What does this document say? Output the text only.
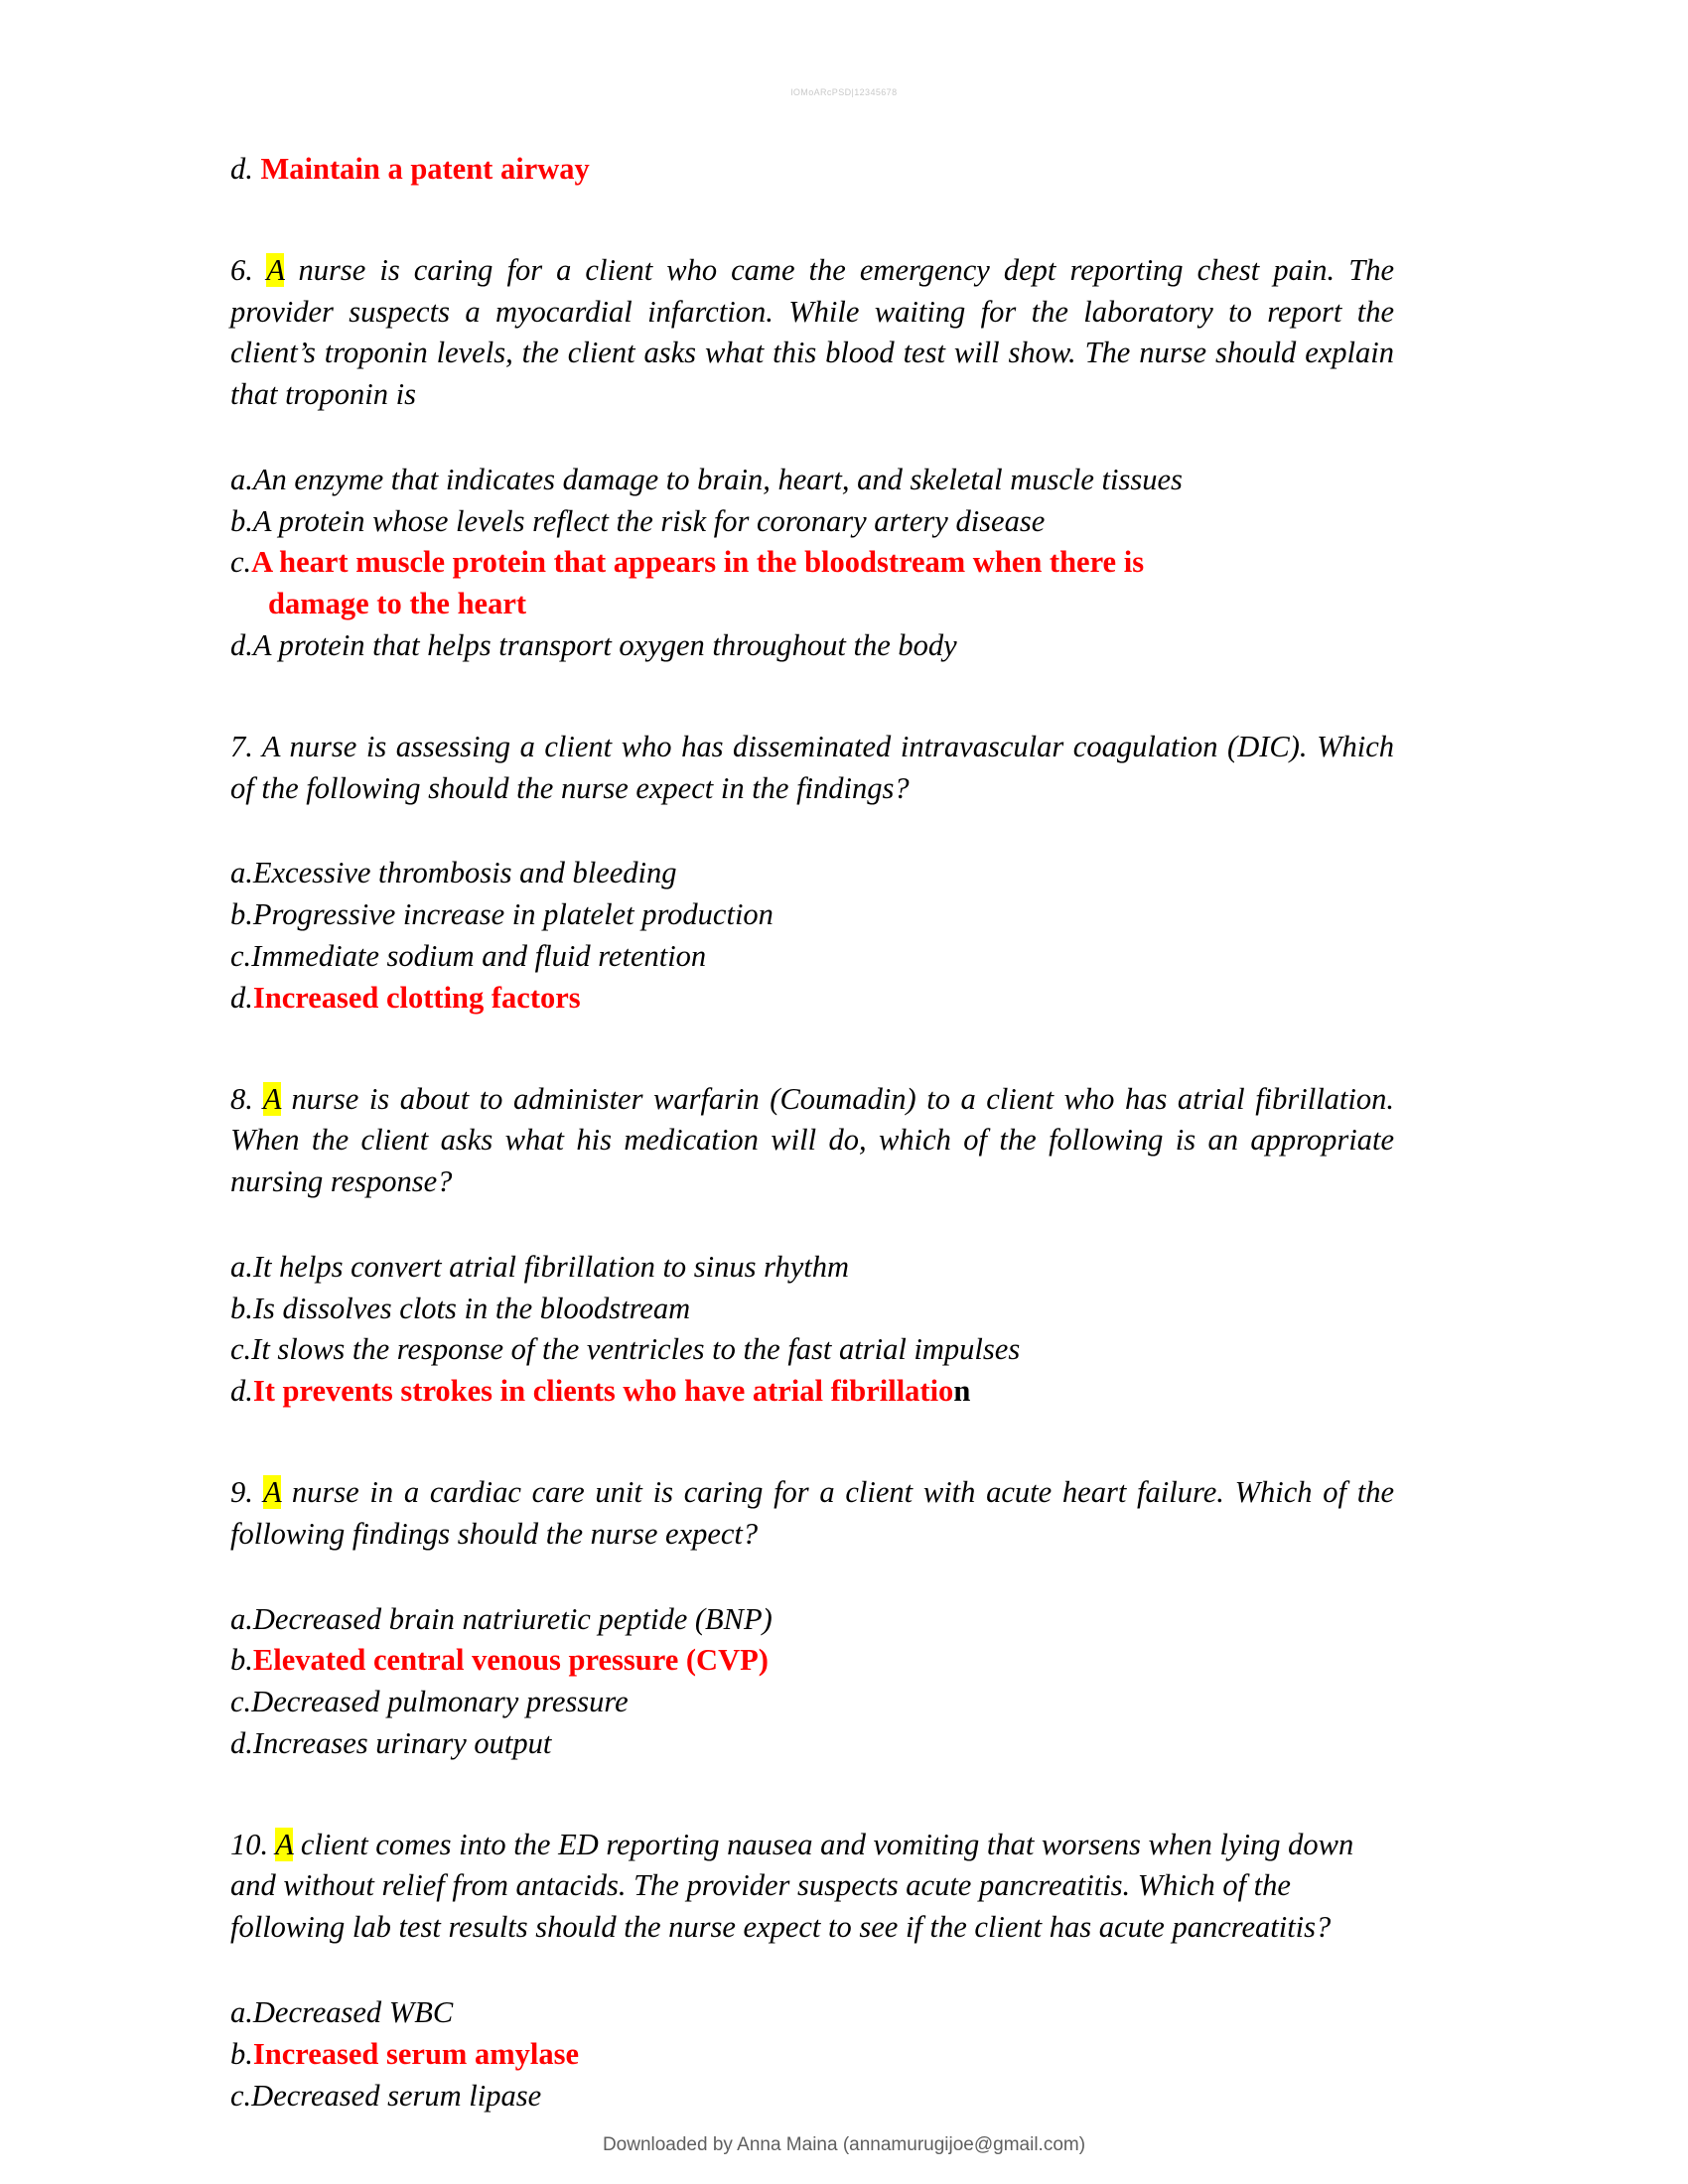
lOMoARcPSD|12345678
d. Maintain a patent airway

6. A nurse is caring for a client who came the emergency dept reporting chest pain. The provider suspects a myocardial infarction. While waiting for the laboratory to report the client’s troponin levels, the client asks what this blood test will show. The nurse should explain that troponin is

a.An enzyme that indicates damage to brain, heart, and skeletal muscle tissues
b.A protein whose levels reflect the risk for coronary artery disease
c.A heart muscle protein that appears in the bloodstream when there is
damage to the heart
d.A protein that helps transport oxygen throughout the body

7. A nurse is assessing a client who has disseminated intravascular coagulation (DIC). Which of the following should the nurse expect in the findings?

a.Excessive thrombosis and bleeding
b.Progressive increase in platelet production
c.Immediate sodium and fluid retention
d.Increased clotting factors

8. A nurse is about to administer warfarin (Coumadin) to a client who has atrial fibrillation. When the client asks what his medication will do, which of the following is an appropriate nursing response?

a.It helps convert atrial fibrillation to sinus rhythm
b.Is dissolves clots in the bloodstream
c.It slows the response of the ventricles to the fast atrial impulses
d.It prevents strokes in clients who have atrial fibrillation

9. A nurse in a cardiac care unit is caring for a client with acute heart failure. Which of the following findings should the nurse expect?

a.Decreased brain natriuretic peptide (BNP)
b.Elevated central venous pressure (CVP)
c.Decreased pulmonary pressure
d.Increases urinary output

10. A client comes into the ED reporting nausea and vomiting that worsens when lying down and without relief from antacids. The provider suspects acute pancreatitis. Which of the following lab test results should the nurse expect to see if the client has acute pancreatitis?

a.Decreased WBC
b.Increased serum amylase
c.Decreased serum lipase
Downloaded by Anna Maina (annamurugijoe@gmail.com)
